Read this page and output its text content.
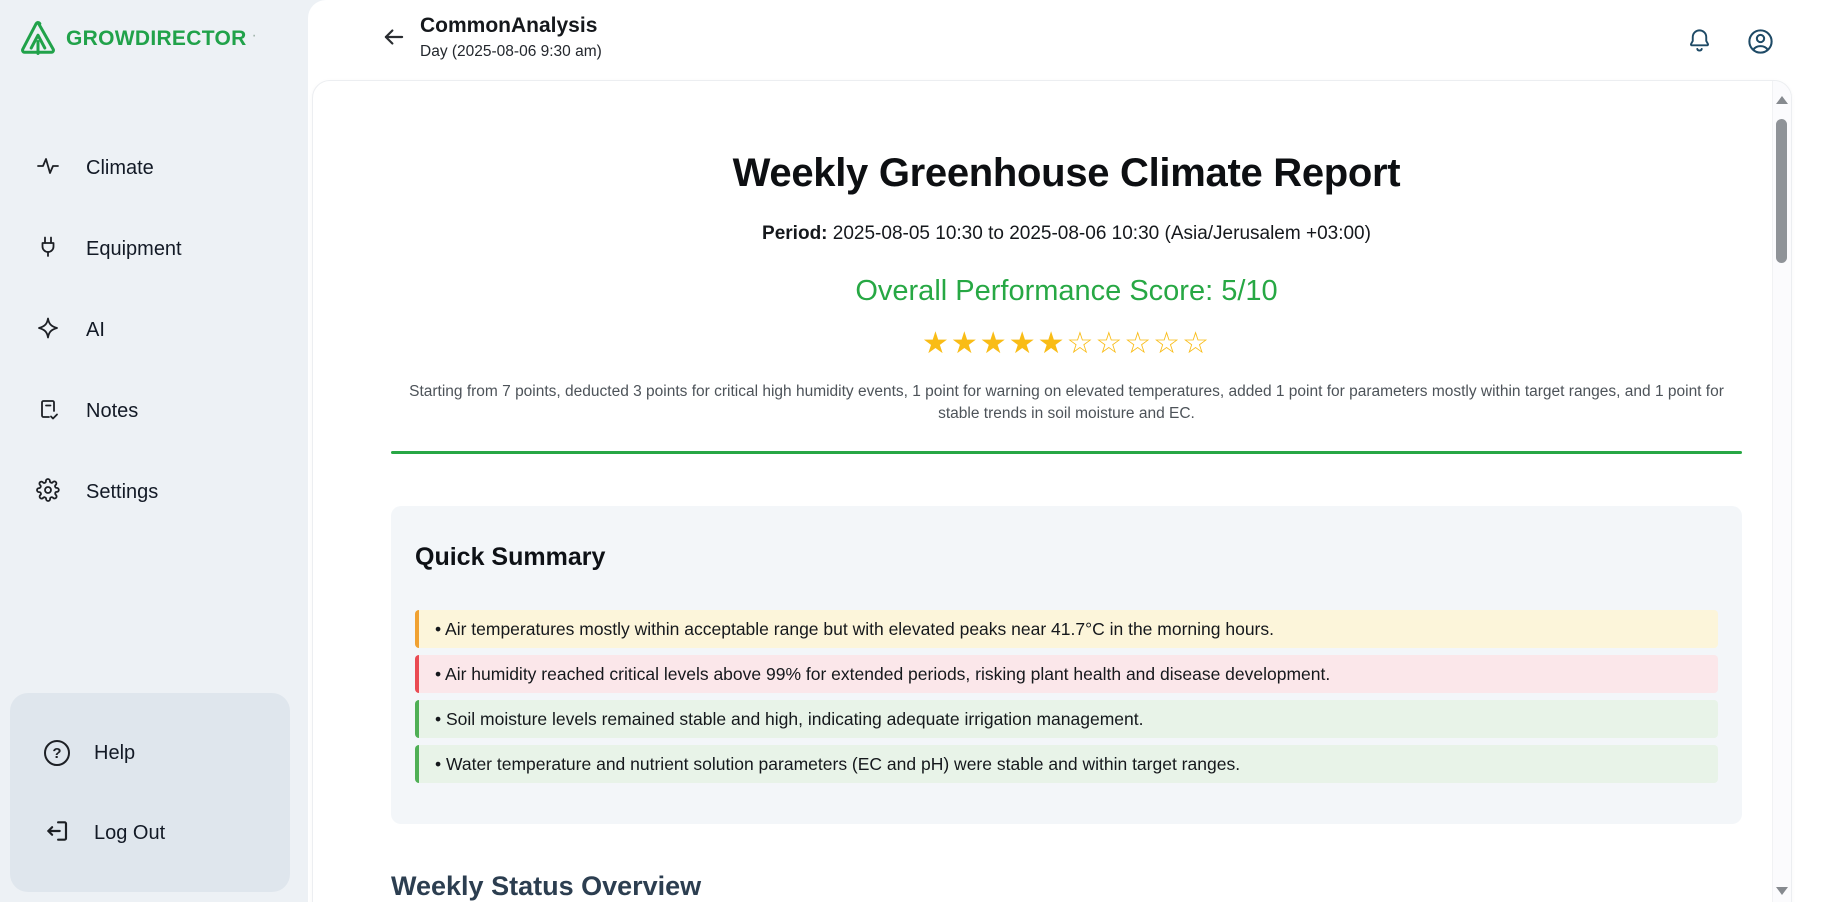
GROWDIRECTOR ·
Climate
Equipment
AI
Notes
Settings
?	Help
Log Out
CommonAnalysis
Day (2025-08-06 9:30 am)
Weekly Greenhouse Climate Report

Period: 2025-08-05 10:30 to 2025-08-06 10:30 (Asia/Jerusalem +03:00)

Overall Performance Score: 5/10

★★★★★☆☆☆☆☆

Starting from 7 points, deducted 3 points for critical high humidity events, 1 point for warning on elevated temperatures, added 1 point for parameters mostly within target ranges, and 1 point for stable trends in soil moisture and EC.

Quick Summary
• Air temperatures mostly within acceptable range but with elevated peaks near 41.7°C in the morning hours.
• Air humidity reached critical levels above 99% for extended periods, risking plant health and disease development.
• Soil moisture levels remained stable and high, indicating adequate irrigation management.
• Water temperature and nutrient solution parameters (EC and pH) were stable and within target ranges.
Weekly Status Overview
